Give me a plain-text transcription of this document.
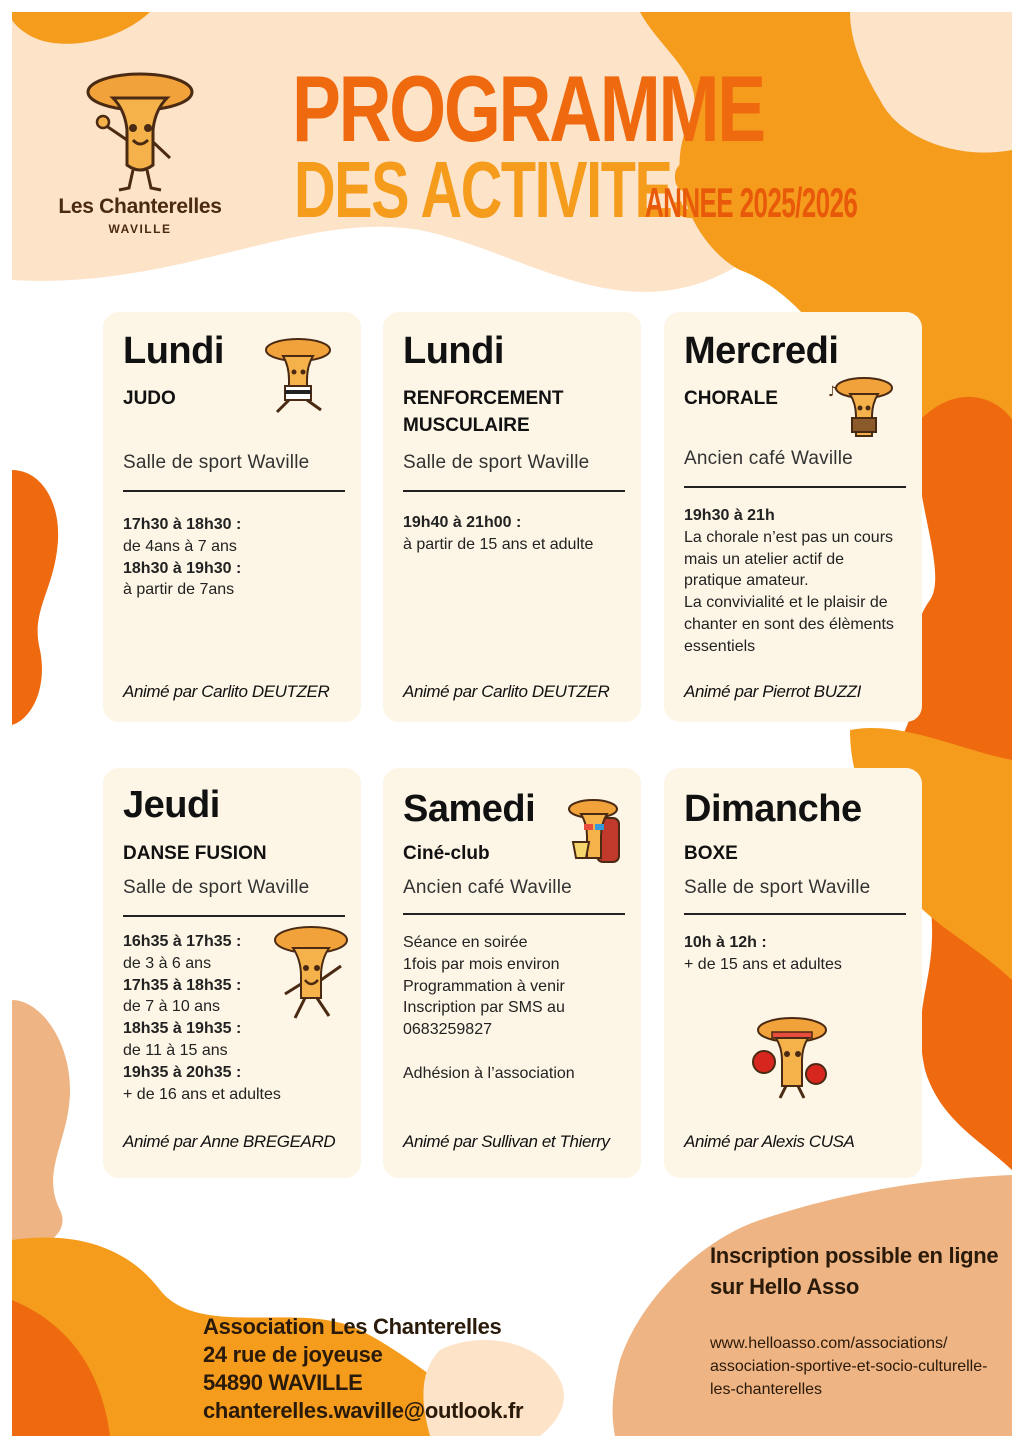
Les Chanterelles
WAVILLE
PROGRAMME
DES ACTIVITES
ANNEE 2025/2026
Lundi
JUDO
Salle de sport Waville
17h30 à 18h30 :
de 4ans à 7 ans
18h30 à 19h30 :
à partir de 7ans
Animé par Carlito DEUTZER
Lundi
RENFORCEMENT
MUSCULAIRE
Salle de sport Waville
19h40 à 21h00 :
à partir de 15 ans et adulte
Animé par Carlito DEUTZER
Mercredi
CHORALE
Ancien café Waville
19h30 à 21h
La chorale n’est pas un cours
mais un atelier actif de
pratique amateur.
La convivialité et le plaisir de
chanter en sont des élèments
essentiels
Animé par Pierrot BUZZI
♪
Jeudi
DANSE FUSION
Salle de sport Waville
16h35 à 17h35 :
de 3 à 6 ans
17h35 à 18h35 :
de 7 à 10 ans
18h35 à 19h35 :
de 11 à 15 ans
19h35 à 20h35 :
+ de 16 ans et adultes
Animé par Anne BREGEARD
Samedi
Ciné-club
Ancien café Waville
Séance en soirée
1fois par mois environ
Programmation à venir
Inscription par SMS au
0683259827

Adhésion à l’association
Animé par Sullivan et Thierry
Dimanche
BOXE
Salle de sport Waville
10h à 12h :
+ de 15 ans et adultes
Animé par Alexis CUSA
Association Les Chanterelles
24 rue de joyeuse
54890 WAVILLE
chanterelles.waville@outlook.fr
Inscription possible en ligne
sur Hello Asso
www.helloasso.com/associations/
association-sportive-et-socio-culturelle-
les-chanterelles
